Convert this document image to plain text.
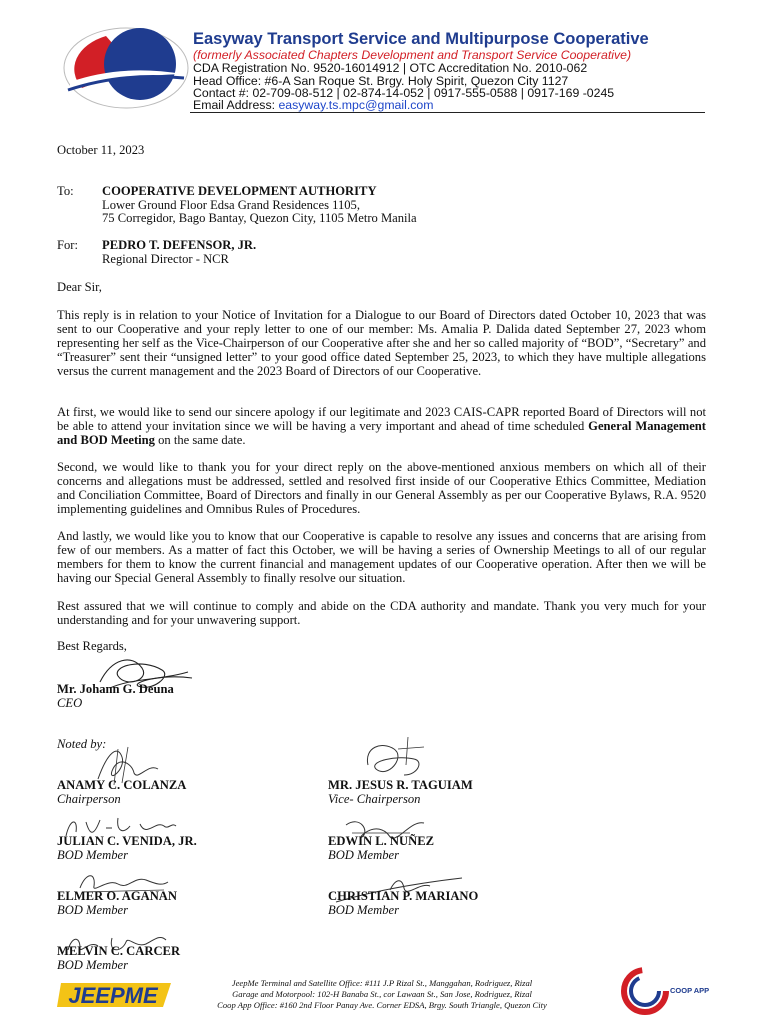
Easyway Transport Service and Multipurpose Cooperative
(formerly Associated Chapters Development and Transport Service Cooperative)
CDA Registration No. 9520-16014912 | OTC Accreditation No. 2010-062
Head Office: #6-A San Roque St. Brgy. Holy Spirit, Quezon City 1127
Contact #: 02-709-08-512 | 02-874-14-052 | 0917-555-0588 | 0917-169 -0245
Email Address: easyway.ts.mpc@gmail.com
October 11, 2023
To: COOPERATIVE DEVELOPMENT AUTHORITY
Lower Ground Floor Edsa Grand Residences 1105,
75 Corregidor, Bago Bantay, Quezon City, 1105 Metro Manila
For: PEDRO T. DEFENSOR, JR.
Regional Director - NCR
Dear Sir,
This reply is in relation to your Notice of Invitation for a Dialogue to our Board of Directors dated October 10, 2023 that was sent to our Cooperative and your reply letter to one of our member: Ms. Amalia P. Dalida dated September 27, 2023 whom representing her self as the Vice-Chairperson of our Cooperative after she and her so called majority of “BOD”, “Secretary” and “Treasurer” sent their “unsigned letter” to your good office dated September 25, 2023, to which they have multiple allegations versus the current management and the 2023 Board of Directors of our Cooperative.
At first, we would like to send our sincere apology if our legitimate and 2023 CAIS-CAPR reported Board of Directors will not be able to attend your invitation since we will be having a very important and ahead of time scheduled General Management and BOD Meeting on the same date.
Second, we would like to thank you for your direct reply on the above-mentioned anxious members on which all of their concerns and allegations must be addressed, settled and resolved first inside of our Cooperative Ethics Committee, Mediation and Conciliation Committee, Board of Directors and finally in our General Assembly as per our Cooperative Bylaws, R.A. 9520 implementing guidelines and Omnibus Rules of Procedures.
And lastly, we would like you to know that our Cooperative is capable to resolve any issues and concerns that are arising from few of our members. As a matter of fact this October, we will be having a series of Ownership Meetings to all of our regular members for them to know the current financial and management updates of our Cooperative operation. After then we will be having our Special General Assembly to finally resolve our situation.
Rest assured that we will continue to comply and abide on the CDA authority and mandate. Thank you very much for your understanding and for your unwavering support.
Best Regards,
Mr. Johann G. Deuna
CEO
Noted by:
ANAMY C. COLANZA
Chairperson
MR. JESUS R. TAGUIAM
Vice- Chairperson
JULIAN C. VENIDA, JR.
BOD Member
EDWIN L. NUÑEZ
BOD Member
ELMER O. AGANAN
BOD Member
CHRISTIAN P. MARIANO
BOD Member
MELVIN C. CARCER
BOD Member
JEEPME	JeepMe Terminal and Satellite Office: #111 J.P Rizal St., Manggahan, Rodriguez, Rizal
Garage and Motorpool: 102-H Banaba St., cor Lawaan St., San Jose, Rodriguez, Rizal
Coop App Office: #160 2nd Floor Panay Ave. Corner EDSA, Brgy. South Triangle, Quezon City
COOP APP
